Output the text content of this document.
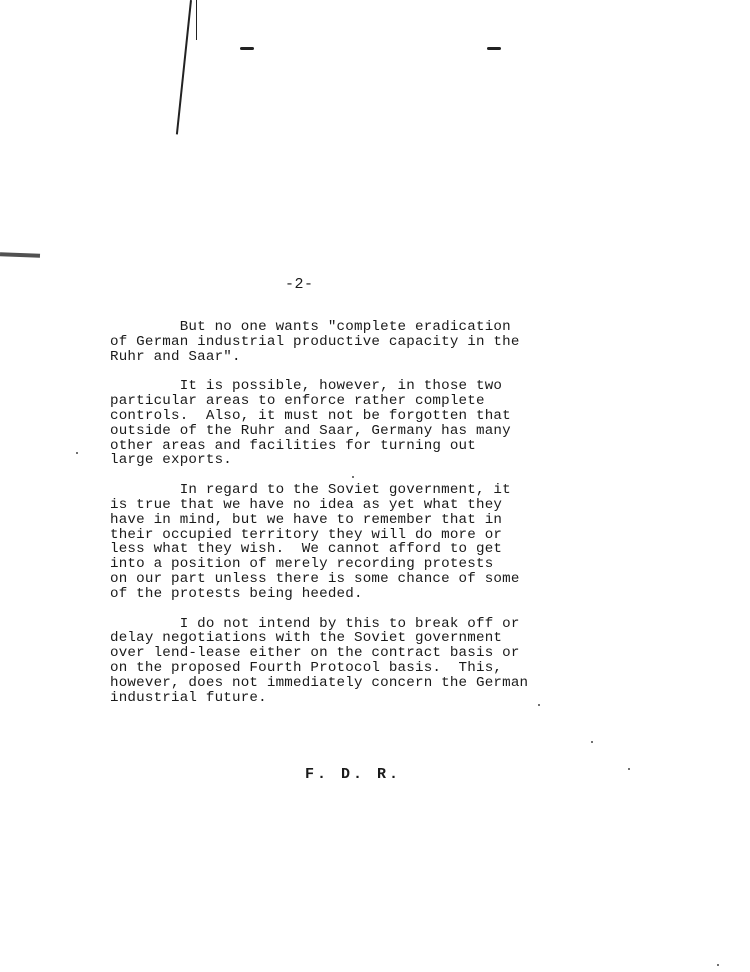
-2-
But no one wants "complete eradication
of German industrial productive capacity in the
Ruhr and Saar".
It is possible, however, in those two
particular areas to enforce rather complete
controls.  Also, it must not be forgotten that
outside of the Ruhr and Saar, Germany has many
other areas and facilities for turning out
large exports.
In regard to the Soviet government, it
is true that we have no idea as yet what they
have in mind, but we have to remember that in
their occupied territory they will do more or
less what they wish.  We cannot afford to get
into a position of merely recording protests
on our part unless there is some chance of some
of the protests being heeded.
I do not intend by this to break off or
delay negotiations with the Soviet government
over lend-lease either on the contract basis or
on the proposed Fourth Protocol basis.  This,
however, does not immediately concern the German
industrial future.
F. D. R.
